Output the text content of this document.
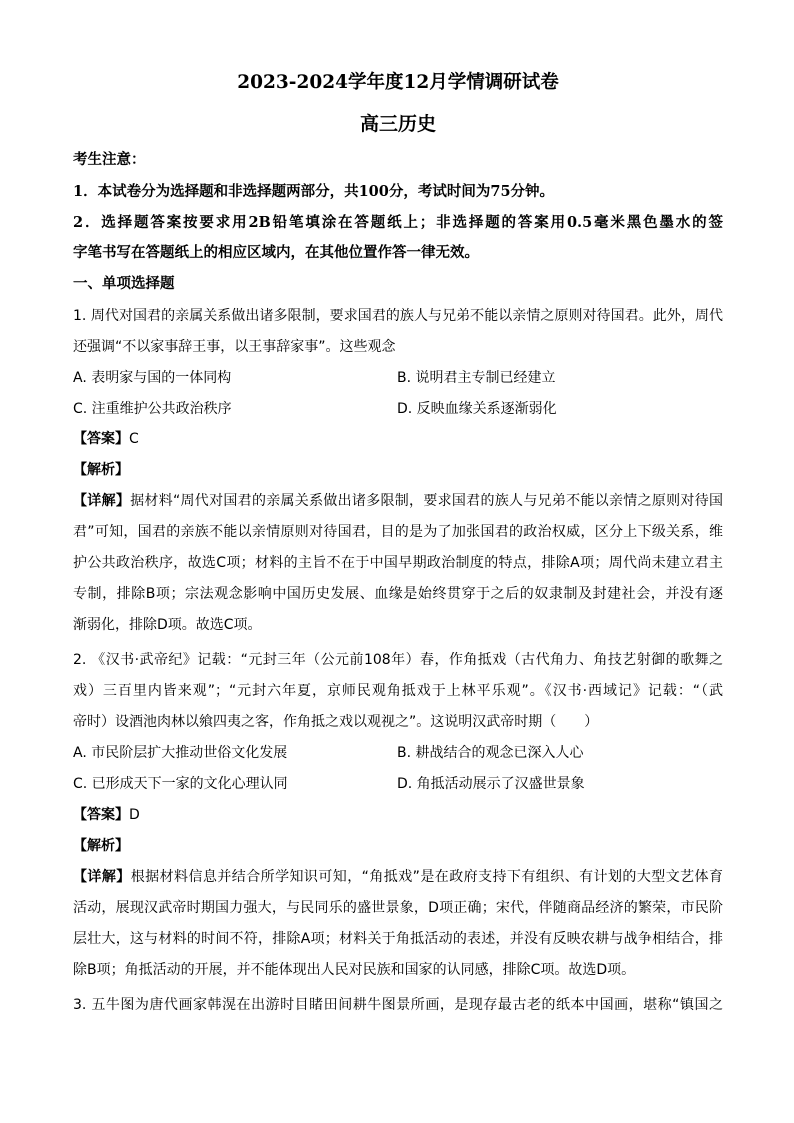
2023-2024学年度12月学情调研试卷
高三历史
考生注意：
1．本试卷分为选择题和非选择题两部分，共100分，考试时间为75分钟。
2．选择题答案按要求用2B铅笔填涂在答题纸上；非选择题的答案用0.5毫米黑色墨水的签
字笔书写在答题纸上的相应区域内，在其他位置作答一律无效。
一、单项选择题
1. 周代对国君的亲属关系做出诸多限制，要求国君的族人与兄弟不能以亲情之原则对待国君。此外，周代
还强调“不以家事辞王事，以王事辞家事”。这些观念
A. 表明家与国的一体同构	B. 说明君主专制已经建立
C. 注重维护公共政治秩序	D. 反映血缘关系逐渐弱化
【答案】C
【解析】
【详解】据材料“周代对国君的亲属关系做出诸多限制，要求国君的族人与兄弟不能以亲情之原则对待国
君”可知，国君的亲族不能以亲情原则对待国君，目的是为了加张国君的政治权威，区分上下级关系，维
护公共政治秩序，故选C项；材料的主旨不在于中国早期政治制度的特点，排除A项；周代尚未建立君主
专制，排除B项；宗法观念影响中国历史发展、血缘是始终贯穿于之后的奴隶制及封建社会，并没有逐
渐弱化，排除D项。故选C项。
2. 《汉书·武帝纪》记载：“元封三年（公元前108年）春，作角抵戏（古代角力、角技艺射御的歌舞之
戏）三百里内皆来观”；“元封六年夏，京师民观角抵戏于上林平乐观”。《汉书·西域记》记载：“（武
帝时）设酒池肉林以飨四夷之客，作角抵之戏以观视之”。这说明汉武帝时期（　　）
A. 市民阶层扩大推动世俗文化发展	B. 耕战结合的观念已深入人心
C. 已形成天下一家的文化心理认同	D. 角抵活动展示了汉盛世景象
【答案】D
【解析】
【详解】根据材料信息并结合所学知识可知，“角抵戏”是在政府支持下有组织、有计划的大型文艺体育
活动，展现汉武帝时期国力强大，与民同乐的盛世景象，D项正确；宋代，伴随商品经济的繁荣，市民阶
层壮大，这与材料的时间不符，排除A项；材料关于角抵活动的表述，并没有反映农耕与战争相结合，排
除B项；角抵活动的开展，并不能体现出人民对民族和国家的认同感，排除C项。故选D项。
3. 五牛图为唐代画家韩滉在出游时目睹田间耕牛图景所画，是现存最古老的纸本中国画，堪称“镇国之
